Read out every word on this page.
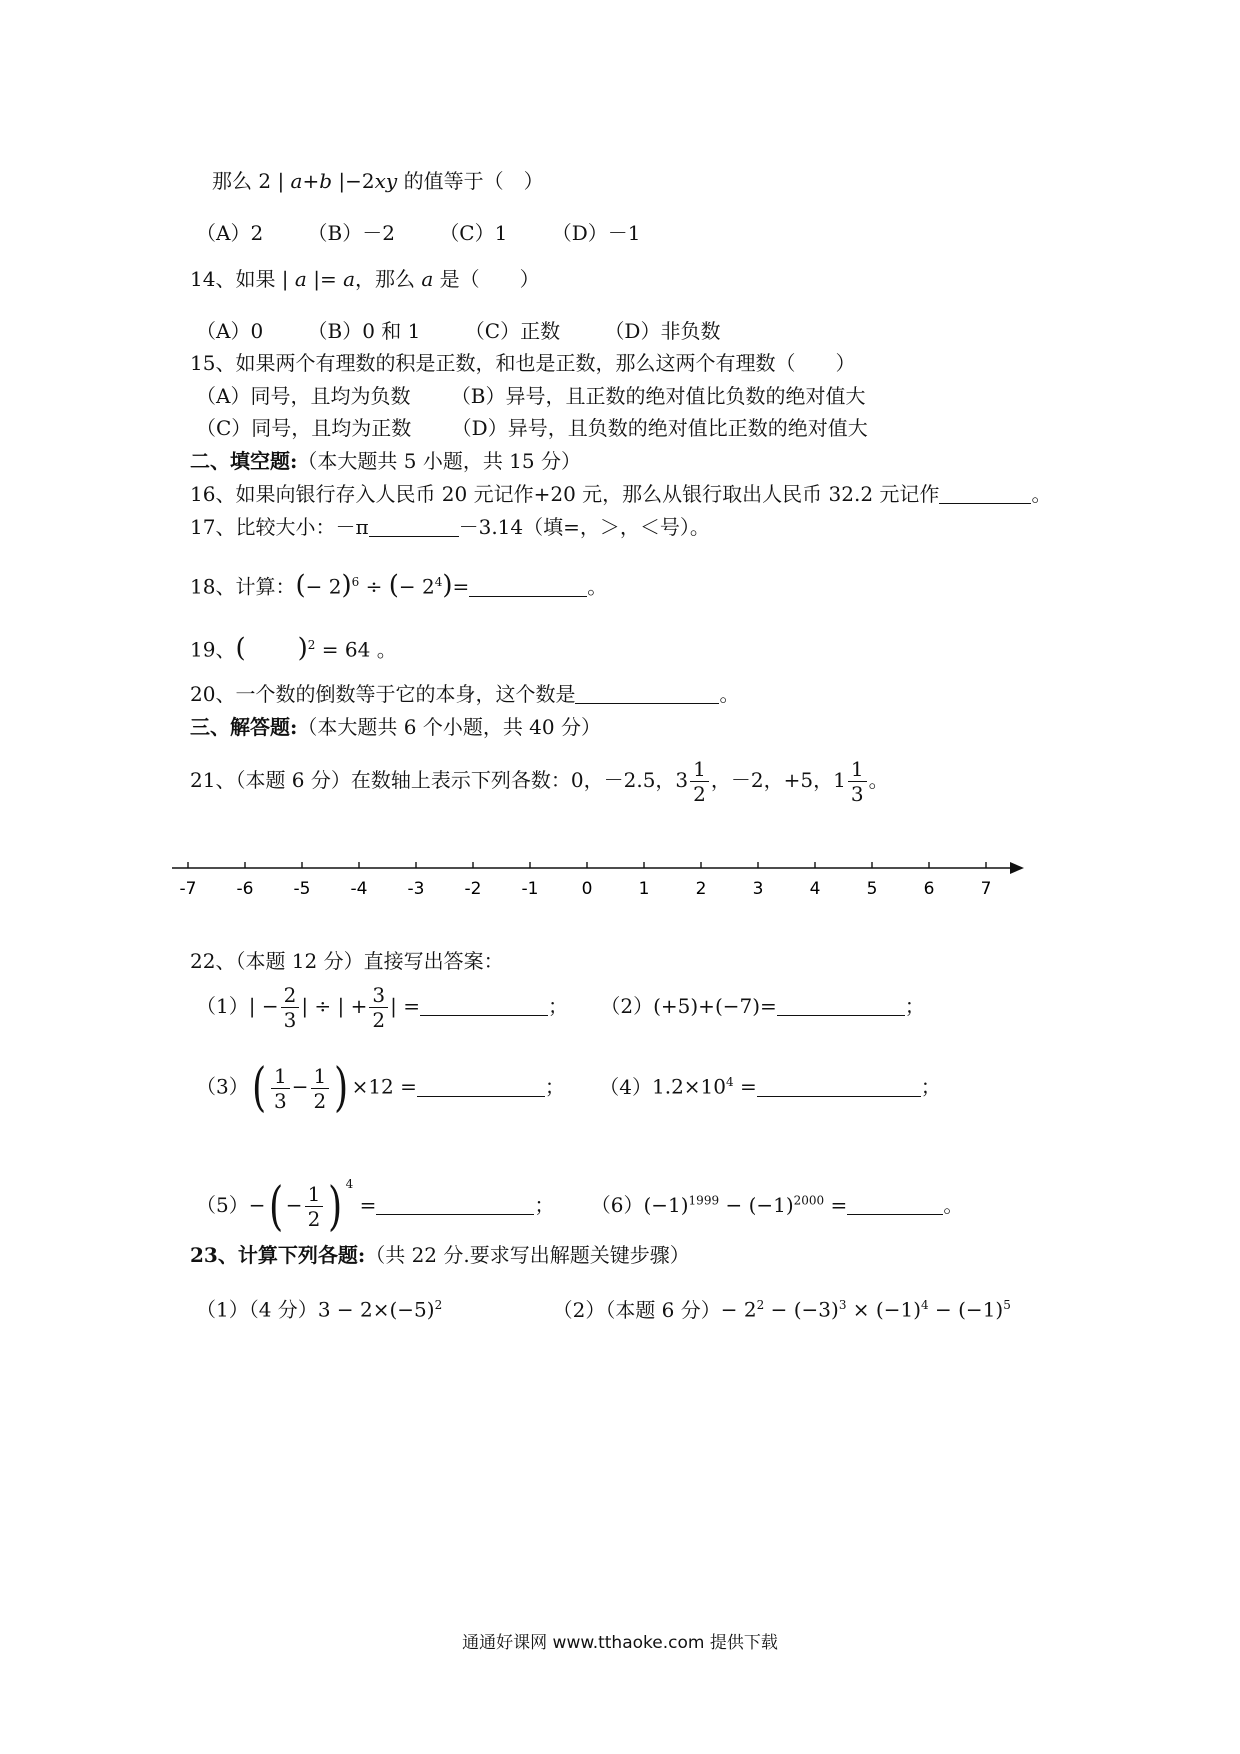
那么 2 | a+b |−2xy 的值等于（　）
（A）2 （B）－2 （C）1 （D）－1
14、如果 | a |= a，那么 a 是（　　）
（A）0 （B）0 和 1 （C）正数 （D）非负数
15、如果两个有理数的积是正数，和也是正数，那么这两个有理数（　　）
（A）同号，且均为负数 （B）异号，且正数的绝对值比负数的绝对值大
（C）同号，且均为正数 （D）异号，且负数的绝对值比正数的绝对值大
二、填空题:（本大题共 5 小题，共 15 分）
16、如果向银行存入人民币 20 元记作+20 元，那么从银行取出人民币 32.2 元记作	。
17、比较大小：－π	－3.14（填=，＞，＜号）。
18、计算：(− 2)$^6$ ÷ (− $2^4)=$	。
19、( )$^2$ = 64 。
20、一个数的倒数等于它的本身，这个数是	。
三、解答题:（本大题共 6 个小题，共 40 分）
21、（本题 6 分）在数轴上表示下列各数：0，－2.5，$3 \frac{1}{2}$ ，－2，+5，$1 \frac{1}{3}$ 。
-7 -6 -5 -4 -3 -2 -1	0	1	2	3	4	5	6	7
22、（本题 12 分）直接写出答案：
$(1)| - \frac{2}{3}$ | ÷ | + $\frac{3}{2}$ | =	； （2）(+5)+(−7)=	；
$(3)( \frac{1}{3} - \frac{1}{2}$ ) ×12 =	； $(4)1.2\times 10^4$ =	；
$(5)-( - \frac{1}{2}$ ) $^4$ =	； $(6)(-1)^{1999} - (-1)^{2000}$ =	。
23、计算下列各题:（共 22 分.要求写出解题关键步骤）
（1）（4 分）$3 - 2\times(-5)^2$	（2）（本题 6 分）− $2^2 - (-3)^3 \times (-1)^4 - (-1)^5$
通通好课网 www.tthaoke.com 提供下载
